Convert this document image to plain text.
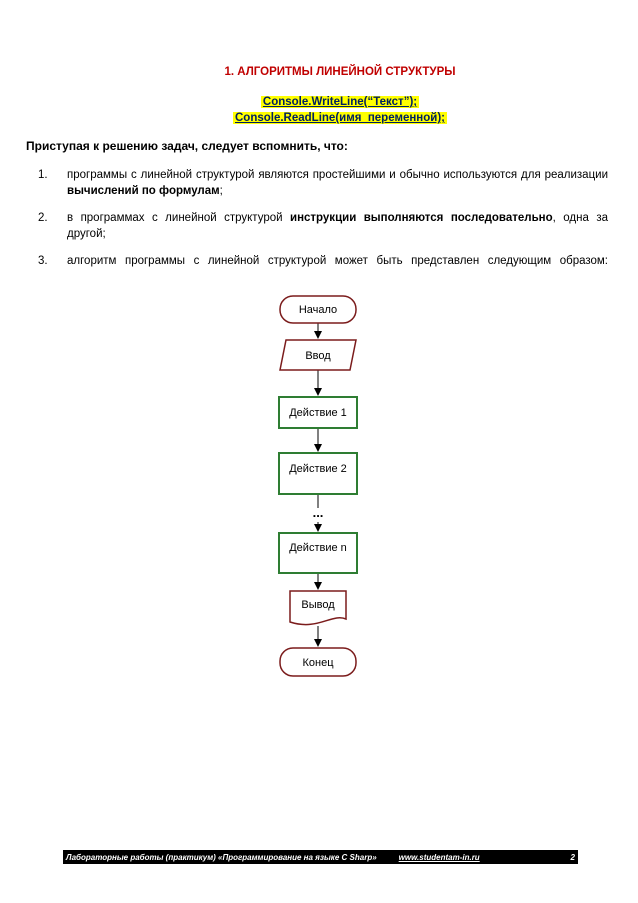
1. АЛГОРИТМЫ ЛИНЕЙНОЙ СТРУКТУРЫ
Console.WriteLine(“Текст”);
Console.ReadLine(имя_переменной);
Приступая к решению задач, следует вспомнить, что:
1.	программы с линейной структурой являются простейшими и обычно используются для реализации вычислений по формулам;
2.	в программах с линейной структурой инструкции выполняются последовательно, одна за другой;
3.	алгоритм программы с линейной структурой может быть представлен следующим образом:
Начало
Ввод
Действие 1
Действие 2
...
Действие n
Вывод
Конец
Лабораторные работы (практикум) «Программирование на языке C Sharp»	www.studentam-in.ru	2
